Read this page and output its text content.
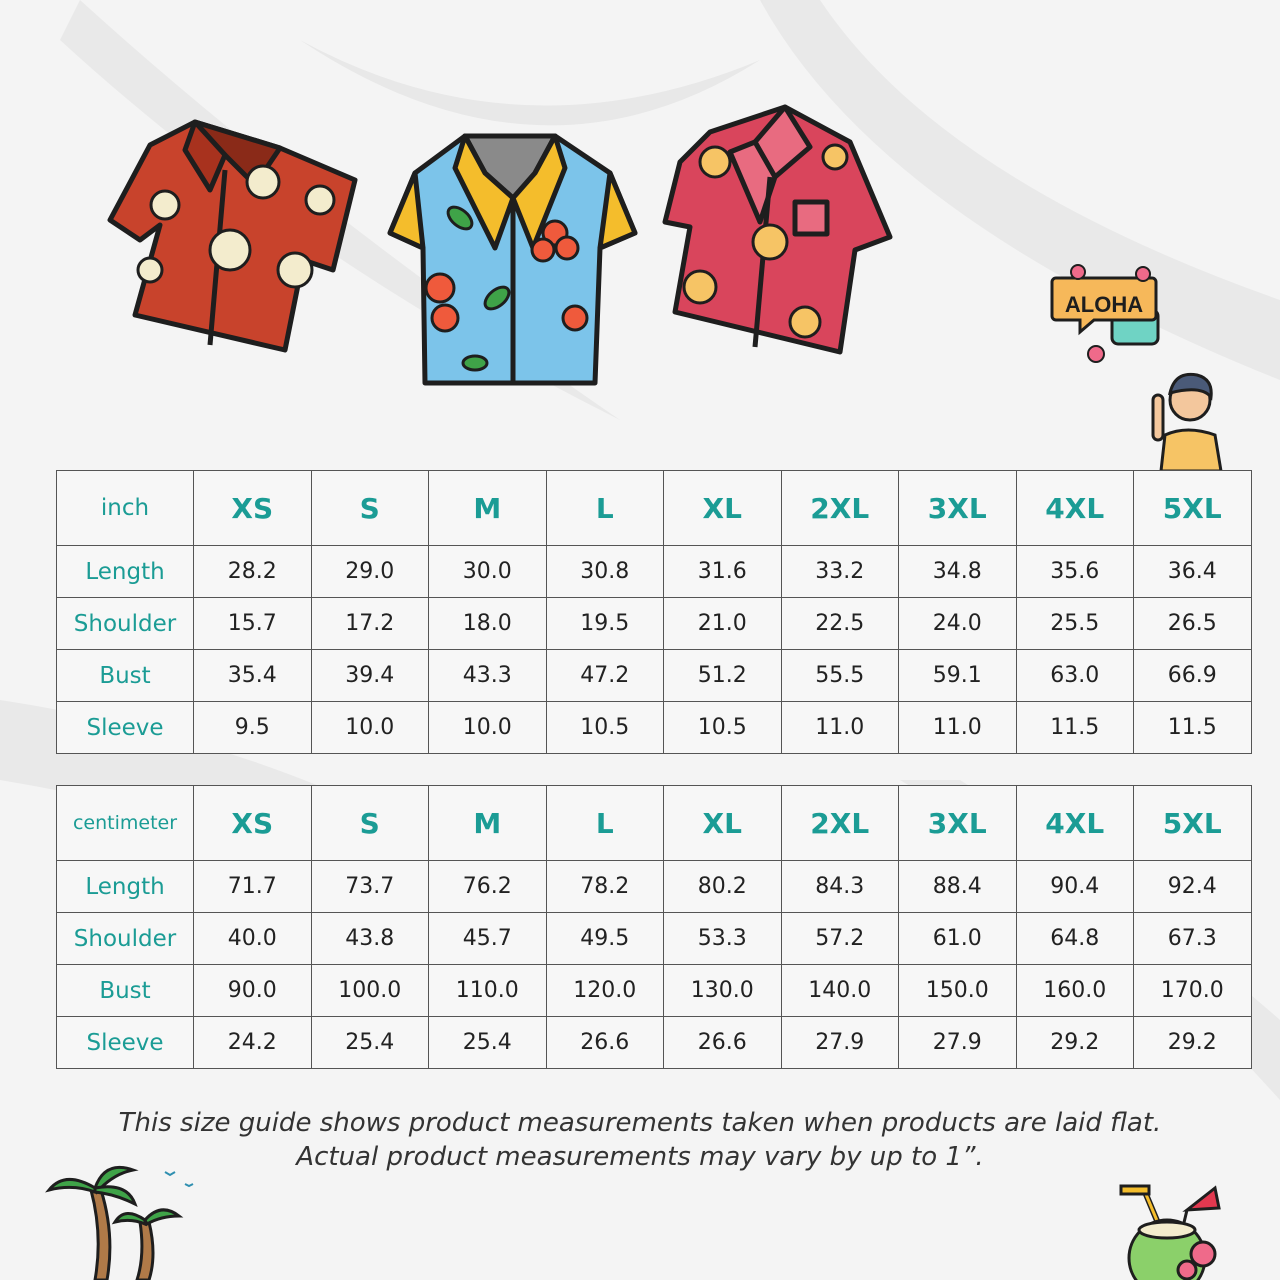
ALOHA
inch	XS	S	M	L	XL	2XL	3XL	4XL	5XL
Length	28.2	29.0	30.0	30.8	31.6	33.2	34.8	35.6	36.4
Shoulder	15.7	17.2	18.0	19.5	21.0	22.5	24.0	25.5	26.5
Bust	35.4	39.4	43.3	47.2	51.2	55.5	59.1	63.0	66.9
Sleeve	9.5	10.0	10.0	10.5	10.5	11.0	11.0	11.5	11.5
centimeter	XS	S	M	L	XL	2XL	3XL	4XL	5XL
Length	71.7	73.7	76.2	78.2	80.2	84.3	88.4	90.4	92.4
Shoulder	40.0	43.8	45.7	49.5	53.3	57.2	61.0	64.8	67.3
Bust	90.0	100.0	110.0	120.0	130.0	140.0	150.0	160.0	170.0
Sleeve	24.2	25.4	25.4	26.6	26.6	27.9	27.9	29.2	29.2
This size guide shows product measurements taken when products are laid flat.
Actual product measurements may vary by up to 1”.
